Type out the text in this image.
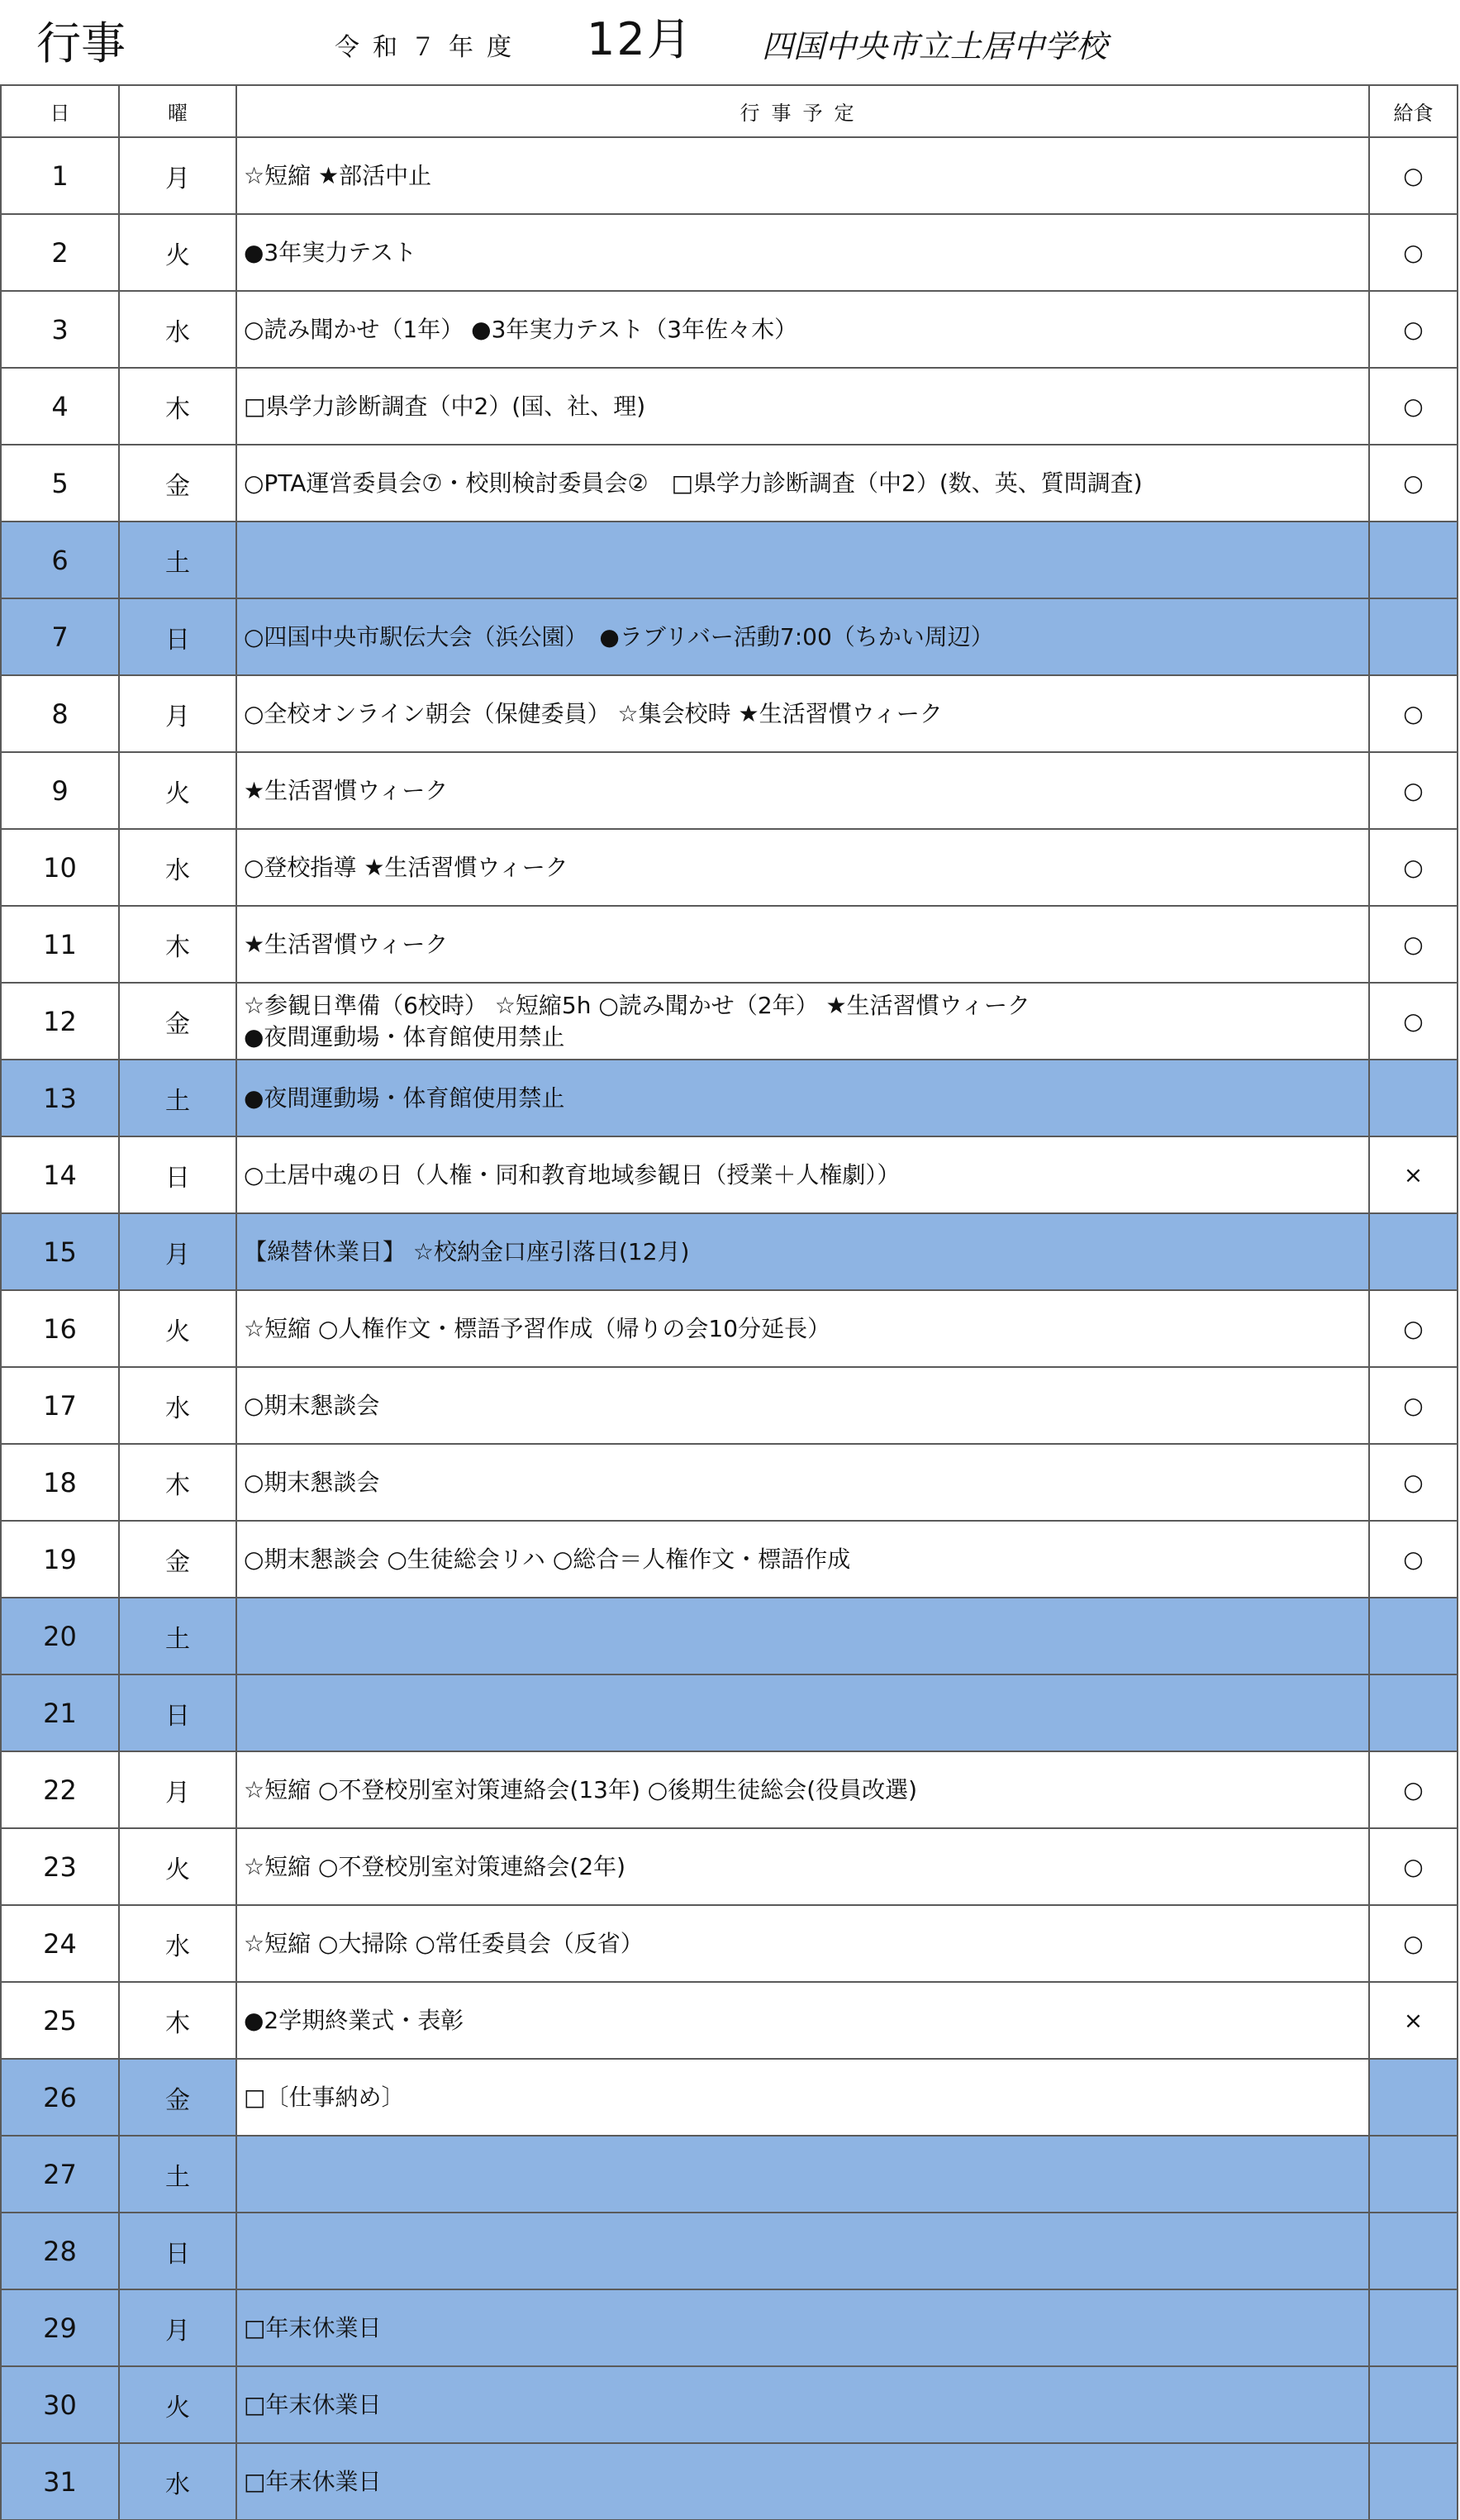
行事	令和７年度 12月 四国中央市立土居中学校
日	曜	行事予定	給食
1	月	☆短縮 ★部活中止	○
2	火	●3年実力テスト	○
3	水	○読み聞かせ（1年） ●3年実力テスト（3年佐々木）	○
4	木	□県学力診断調査（中2）(国、社、理)	○
5	金	○PTA運営委員会⑦・校則検討委員会②　□県学力診断調査（中2）(数、英、質問調査)	○
6	土		
7	日	○四国中央市駅伝大会（浜公園）　●ラブリバー活動7:00（ちかい周辺）	
8	月	○全校オンライン朝会（保健委員） ☆集会校時 ★生活習慣ウィーク	○
9	火	★生活習慣ウィーク	○
10	水	○登校指導 ★生活習慣ウィーク	○
11	木	★生活習慣ウィーク	○
12	金	☆参観日準備（6校時） ☆短縮5h ○読み聞かせ（2年） ★生活習慣ウィーク
●夜間運動場・体育館使用禁止	○
13	土	●夜間運動場・体育館使用禁止	
14	日	○土居中魂の日（人権・同和教育地域参観日（授業＋人権劇））	×
15	月	【繰替休業日】 ☆校納金口座引落日(12月)	
16	火	☆短縮 ○人権作文・標語予習作成（帰りの会10分延長）	○
17	水	○期末懇談会	○
18	木	○期末懇談会	○
19	金	○期末懇談会 ○生徒総会リハ ○総合＝人権作文・標語作成	○
20	土		
21	日		
22	月	☆短縮 ○不登校別室対策連絡会(13年) ○後期生徒総会(役員改選)	○
23	火	☆短縮 ○不登校別室対策連絡会(2年)	○
24	水	☆短縮 ○大掃除 ○常任委員会（反省）	○
25	木	●2学期終業式・表彰	×
26	金	□〔仕事納め〕	
27	土		
28	日		
29	月	□年末休業日	
30	火	□年末休業日	
31	水	□年末休業日	
